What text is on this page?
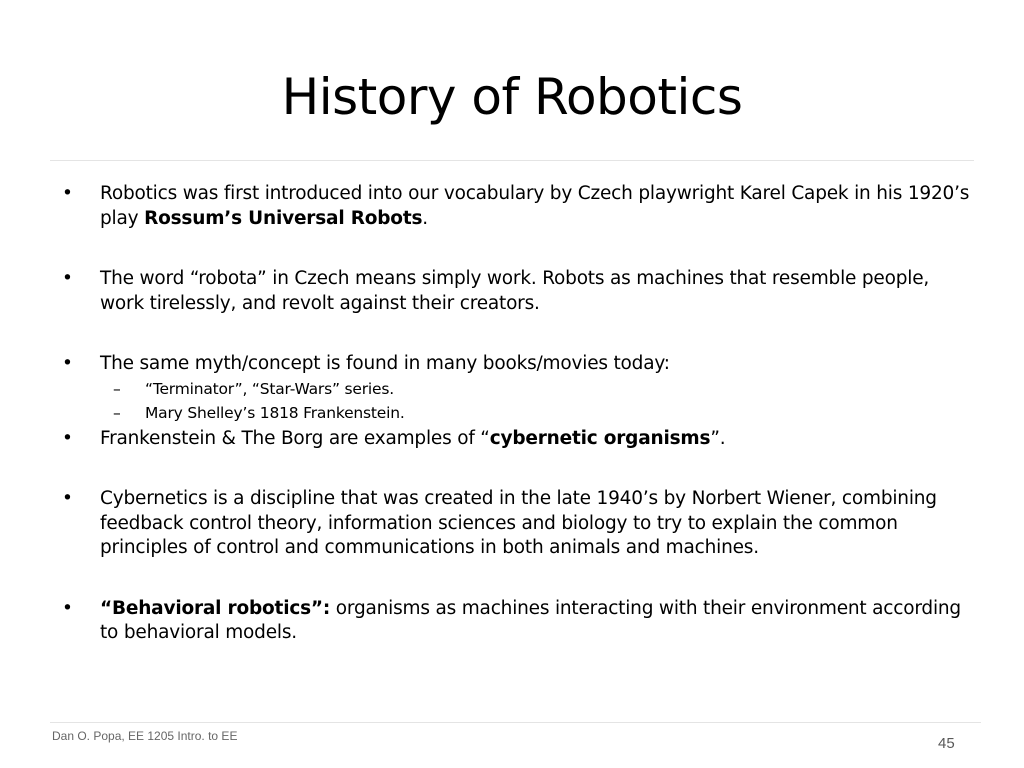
History of Robotics
• Robotics was first introduced into our vocabulary by Czech playwright Karel Capek in his 1920’s play Rossum’s Universal Robots.
• The word “robota” in Czech means simply work. Robots as machines that resemble people, work tirelessly, and revolt against their creators.
• The same myth/concept is found in many books/movies today:
– “Terminator”, “Star-Wars” series.
– Mary Shelley’s 1818 Frankenstein.
• Frankenstein & The Borg are examples of “cybernetic organisms”.
• Cybernetics is a discipline that was created in the late 1940’s by Norbert Wiener, combining feedback control theory, information sciences and biology to try to explain the common principles of control and communications in both animals and machines.
• “Behavioral robotics”: organisms as machines interacting with their environment according to behavioral models.
Dan O. Popa, EE 1205 Intro. to EE	45
